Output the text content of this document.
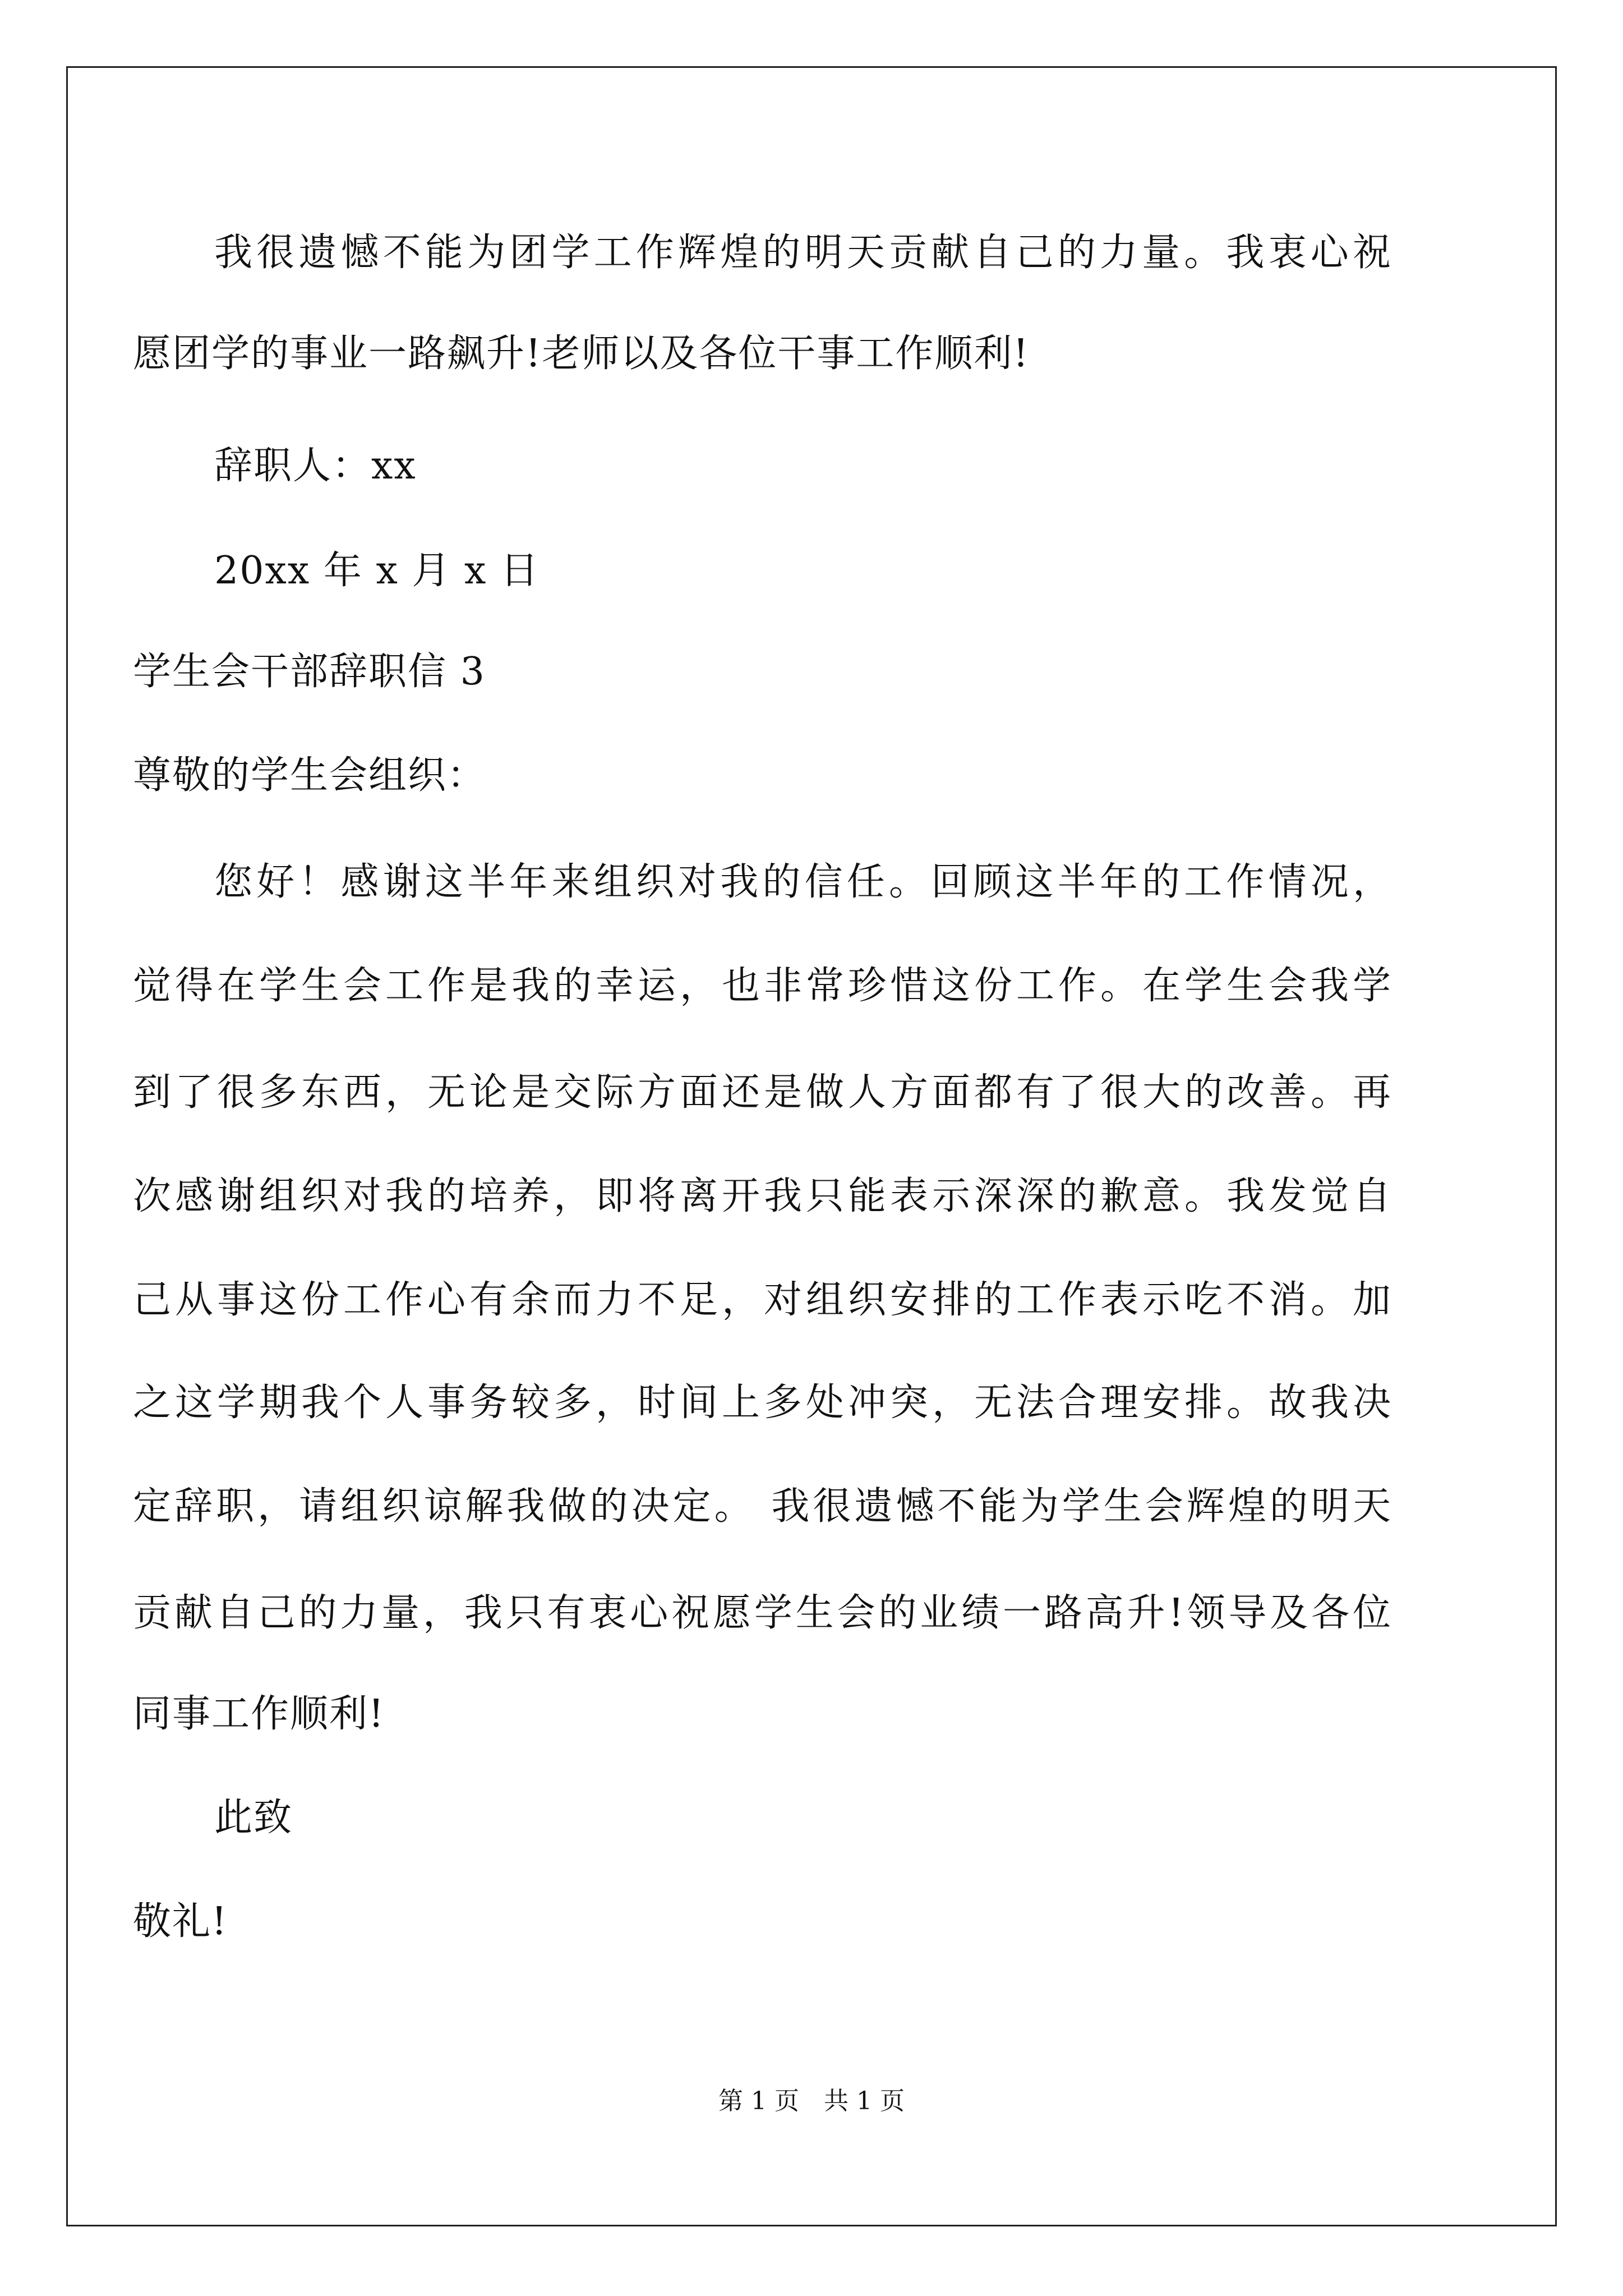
我很遗憾不能为团学工作辉煌的明天贡献自己的力量。我衷心祝
愿团学的事业一路飙升!老师以及各位干事工作顺利!
辞职人：xx
20xx 年 x 月 x 日
学生会干部辞职信 3
尊敬的学生会组织：
您好！感谢这半年来组织对我的信任。回顾这半年的工作情况，
觉得在学生会工作是我的幸运，也非常珍惜这份工作。在学生会我学
到了很多东西，无论是交际方面还是做人方面都有了很大的改善。再
次感谢组织对我的培养，即将离开我只能表示深深的歉意。我发觉自
己从事这份工作心有余而力不足，对组织安排的工作表示吃不消。加
之这学期我个人事务较多，时间上多处冲突，无法合理安排。故我决
定辞职，请组织谅解我做的决定。 我很遗憾不能为学生会辉煌的明天
贡献自己的力量，我只有衷心祝愿学生会的业绩一路高升!领导及各位
同事工作顺利!
此致
敬礼!
第 1 页　共 1 页
